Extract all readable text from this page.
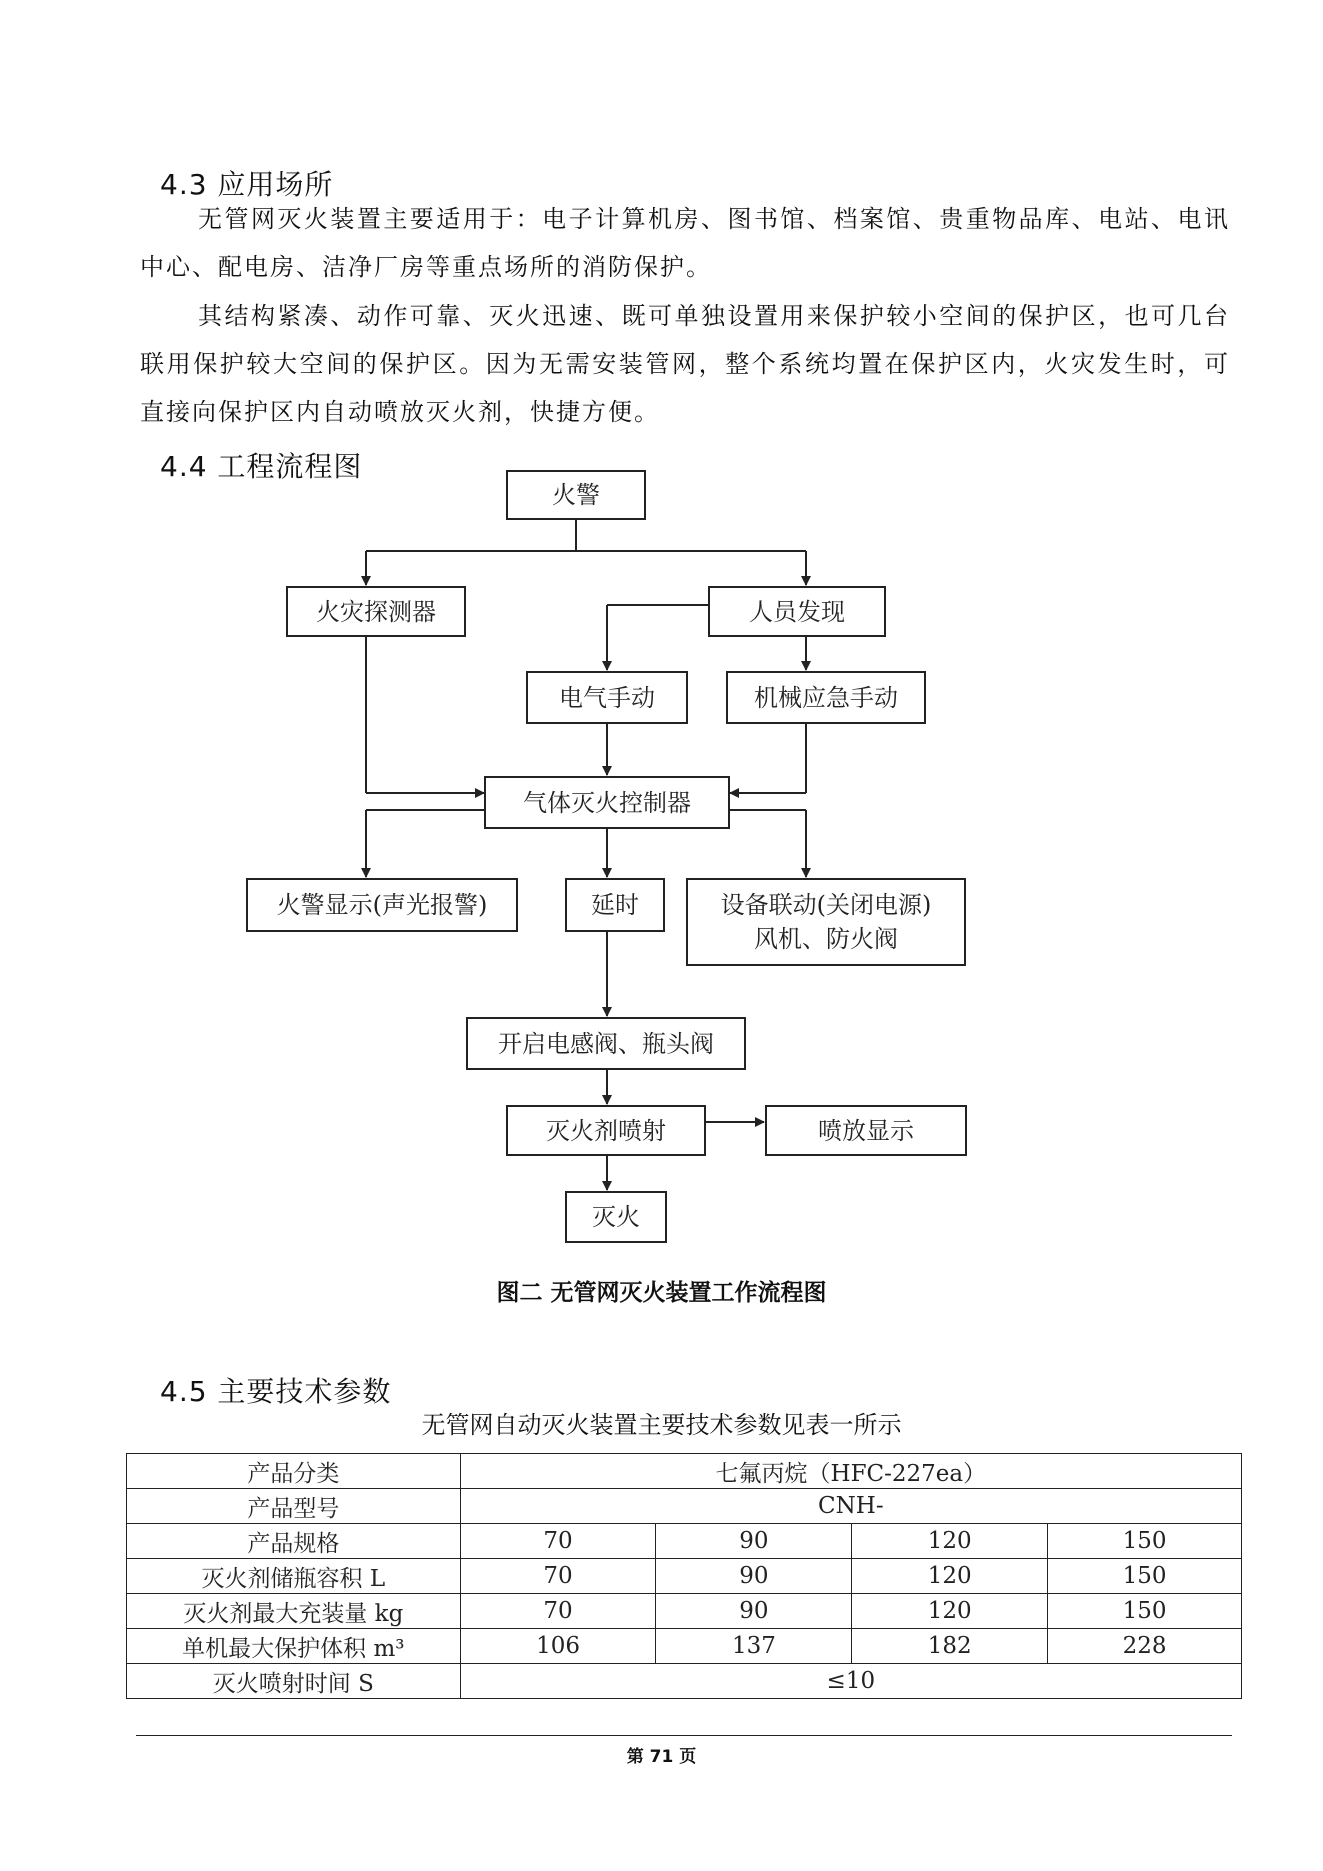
4.3 应用场所

无管网灭火装置主要适用于：电子计算机房、图书馆、档案馆、贵重物品库、电站、电讯中心、配电房、洁净厂房等重点场所的消防保护。

其结构紧凑、动作可靠、灭火迅速、既可单独设置用来保护较小空间的保护区，也可几台联用保护较大空间的保护区。因为无需安装管网，整个系统均置在保护区内，火灾发生时，可直接向保护区内自动喷放灭火剂，快捷方便。

4.4 工程流程图
火警
火灾探测器	人员发现
电气手动	机械应急手动
气体灭火控制器
火警显示(声光报警)	延时	设备联动(关闭电源)
风机、防火阀
开启电感阀、瓶头阀
灭火剂喷射	喷放显示
灭火
图二 无管网灭火装置工作流程图
4.5 主要技术参数
无管网自动灭火装置主要技术参数见表一所示
产品分类	七氟丙烷（HFC-227ea）			
产品型号	CNH-			
产品规格	70	90	120	150
灭火剂储瓶容积 L	70	90	120	150
灭火剂最大充装量 kg	70	90	120	150
单机最大保护体积 m³	106	137	182	228
灭火喷射时间 S	≤10			
第 71 页
